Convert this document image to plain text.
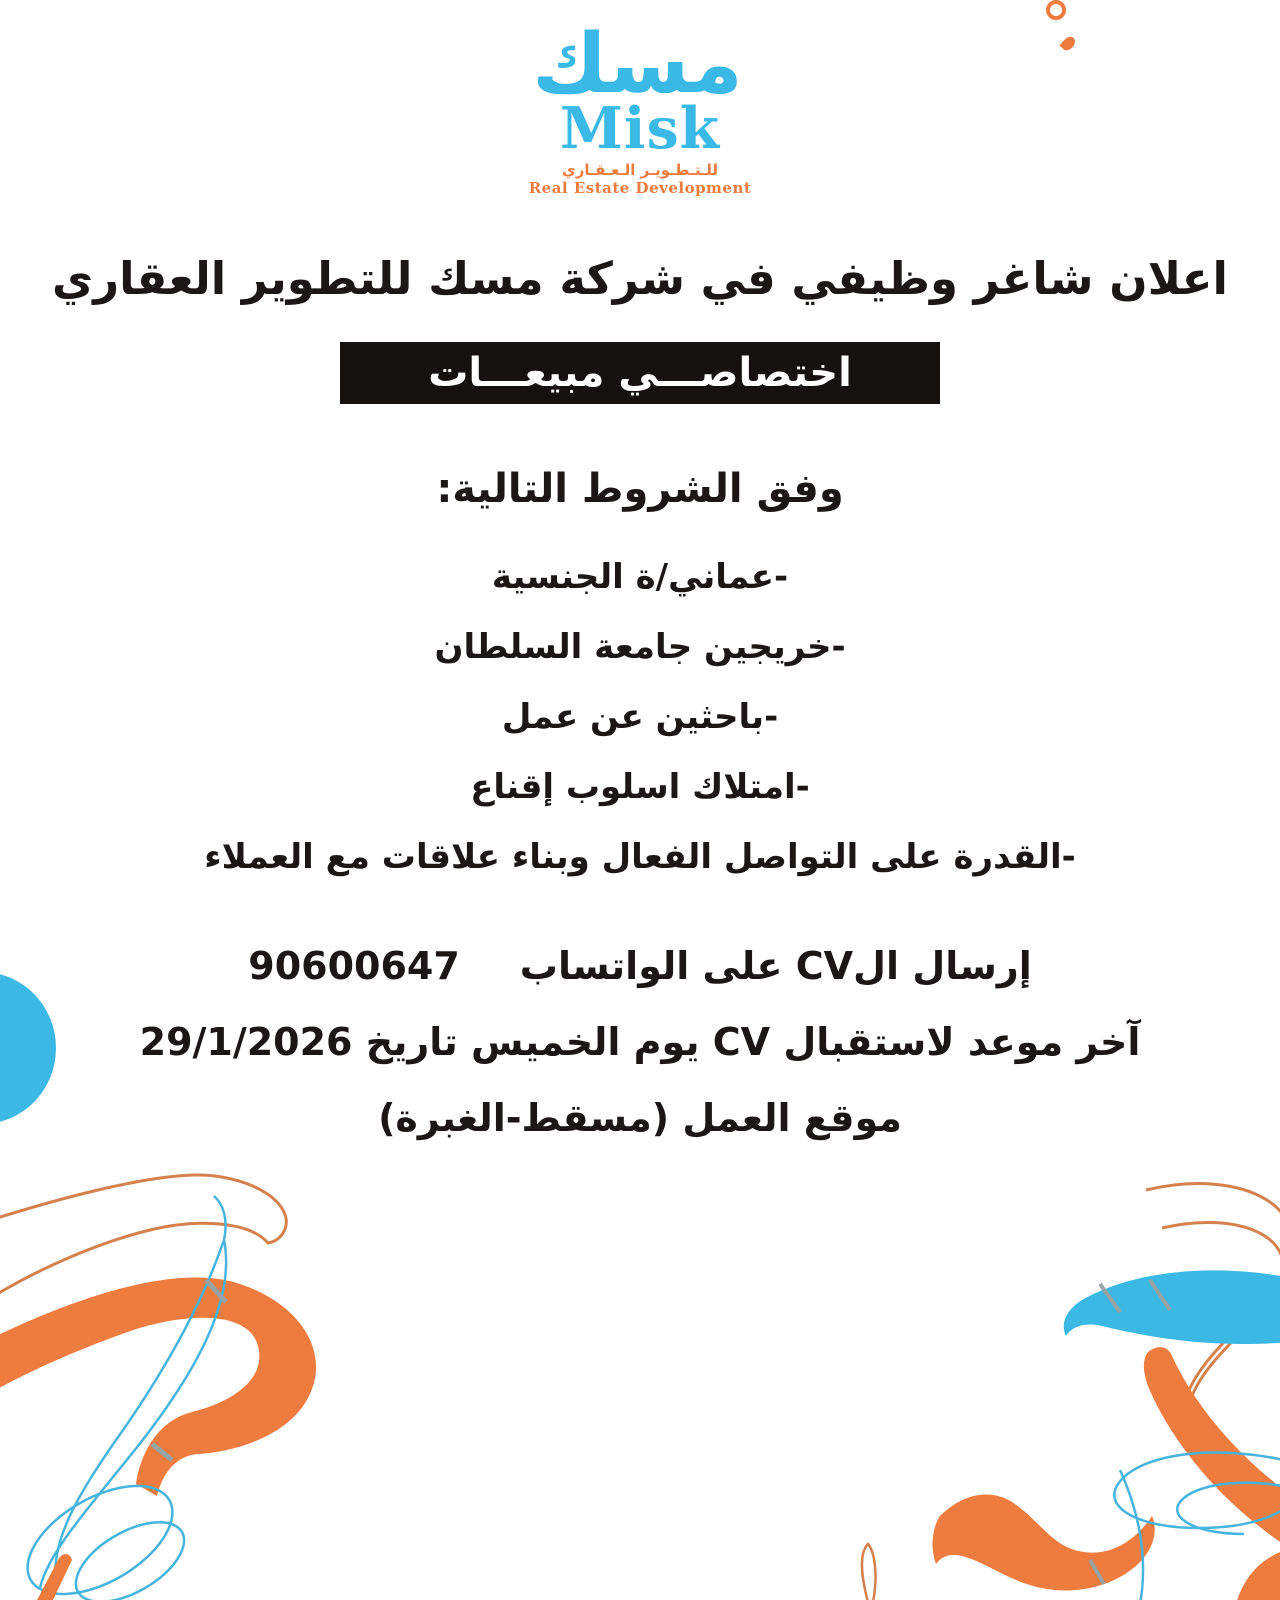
مسك
Misk
للـتـطـويـر الـعـقـاري
Real Estate Development
اعلان شاغر وظيفي في شركة مسك للتطوير العقاري
اختصاصـــي مبيعـــات
وفق الشروط التالية:
-عماني/ة الجنسية
-خريجين جامعة السلطان
-باحثين عن عمل
-امتلاك اسلوب إقناع
-القدرة على التواصل الفعال وبناء علاقات مع العملاء
إرسال الCV على الواتساب
90600647
آخر موعد لاستقبال CV يوم الخميس تاريخ 29/1/2026
موقع العمل (مسقط-الغبرة)
